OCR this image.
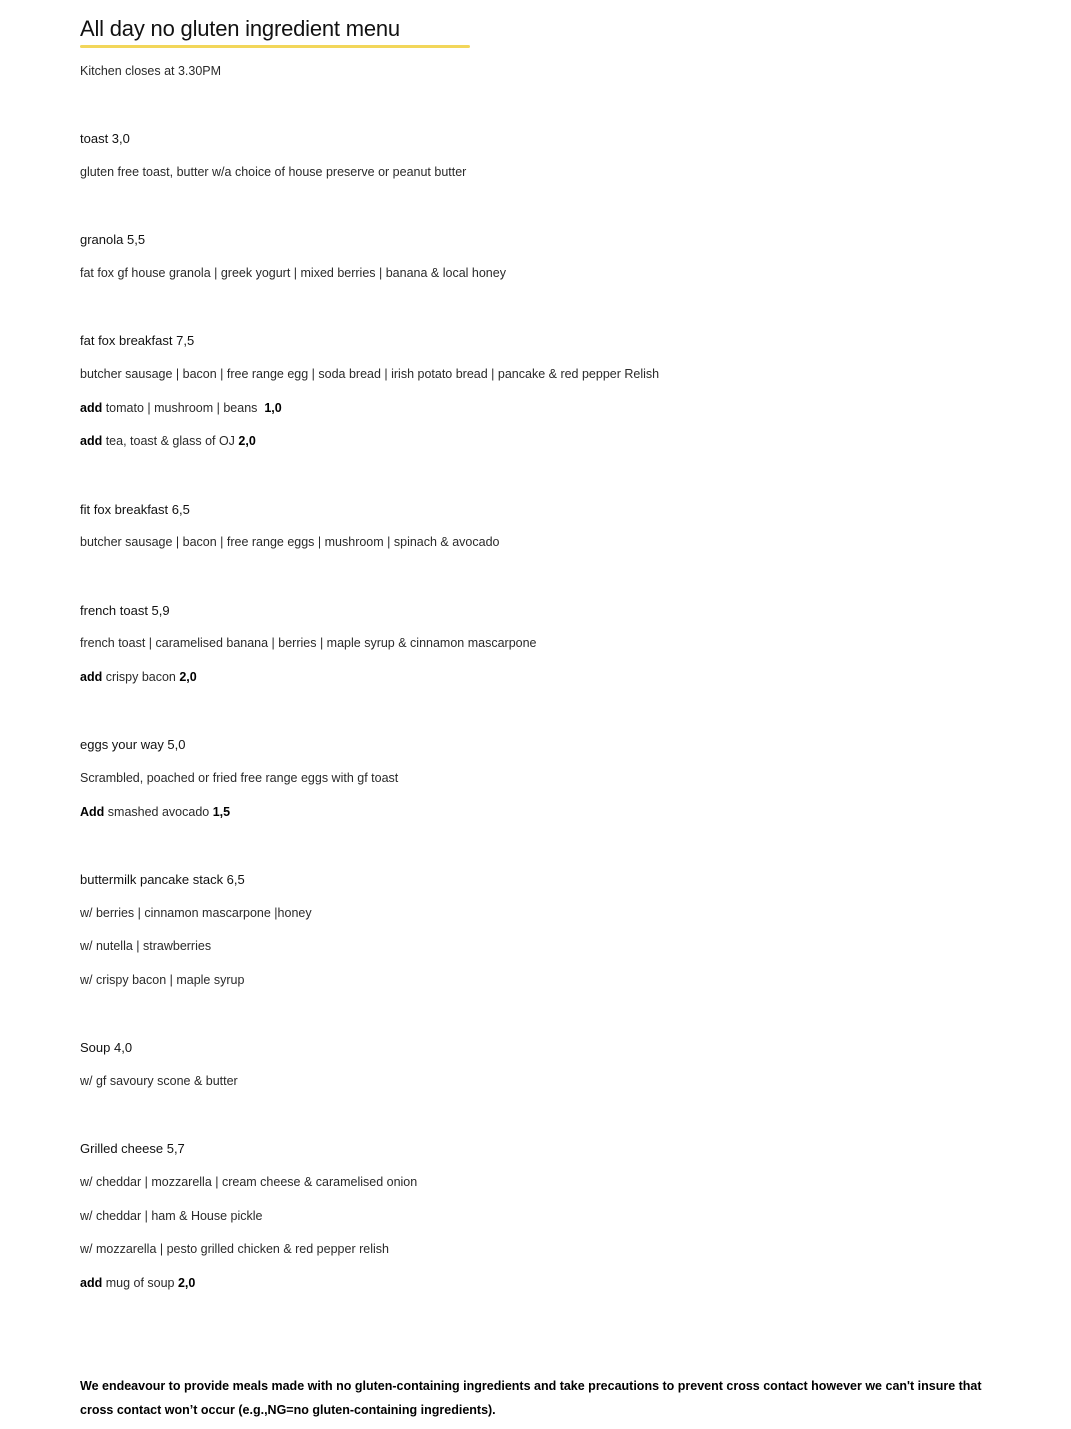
All day no gluten ingredient menu
Kitchen closes at 3.30PM
toast 3,0
gluten free toast, butter w/a choice of house preserve or peanut butter
granola 5,5
fat fox gf house granola | greek yogurt | mixed berries | banana & local honey
fat fox breakfast 7,5
butcher sausage | bacon | free range egg | soda bread | irish potato bread | pancake & red pepper Relish
add tomato | mushroom | beans  1,0
add tea, toast & glass of OJ 2,0
fit fox breakfast 6,5
butcher sausage | bacon | free range eggs | mushroom | spinach & avocado
french toast 5,9
french toast | caramelised banana | berries | maple syrup & cinnamon mascarpone
add crispy bacon 2,0
eggs your way 5,0
Scrambled, poached or fried free range eggs with gf toast
Add smashed avocado 1,5
buttermilk pancake stack 6,5
w/ berries | cinnamon mascarpone |honey
w/ nutella | strawberries
w/ crispy bacon | maple syrup
Soup 4,0
w/ gf savoury scone & butter
Grilled cheese 5,7
w/ cheddar | mozzarella | cream cheese & caramelised onion
w/ cheddar | ham & House pickle
w/ mozzarella | pesto grilled chicken & red pepper relish
add mug of soup 2,0
We endeavour to provide meals made with no gluten-containing ingredients and take precautions to prevent cross contact however we can't insure that cross contact won’t occur (e.g.,NG=no gluten-containing ingredients).
